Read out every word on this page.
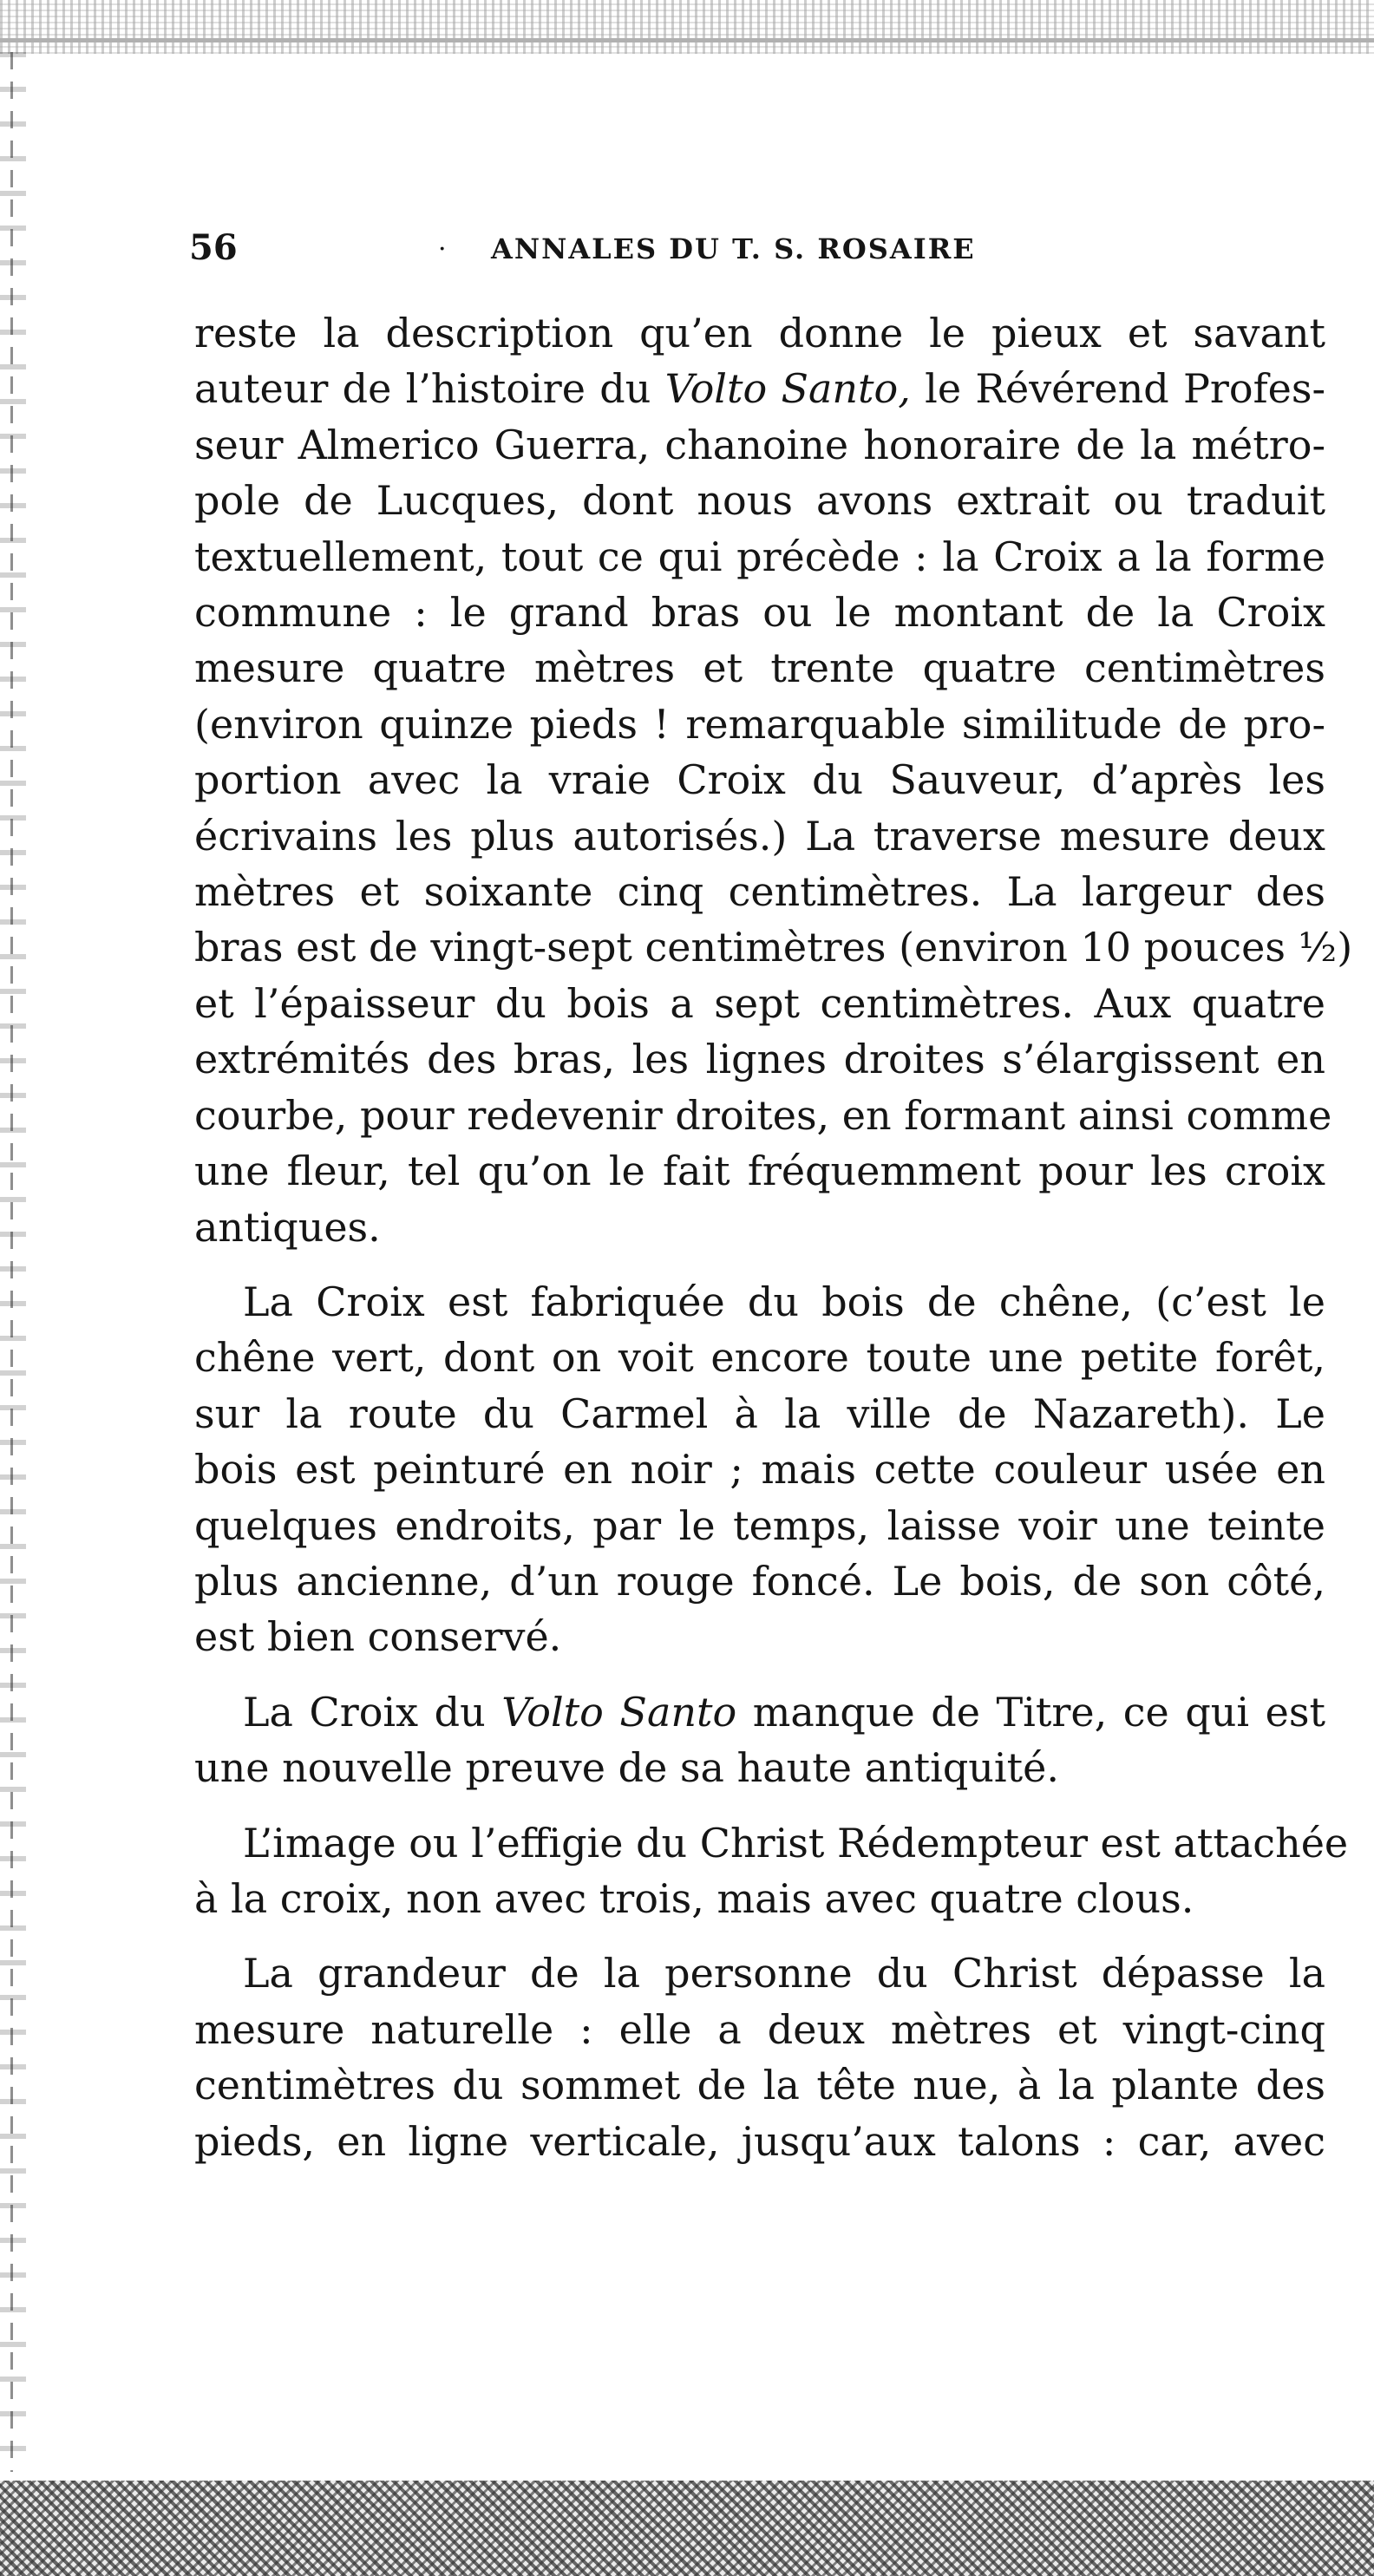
56	· ANNALES DU T. S. ROSAIRE
reste la description qu’en donne le pieux et savant
auteur de l’histoire du Volto Santo, le Révérend Profes-
seur Almerico Guerra, chanoine honoraire de la métro-
pole de Lucques, dont nous avons extrait ou traduit
textuellement, tout ce qui précède : la Croix a la forme
commune : le grand bras ou le montant de la Croix
mesure quatre mètres et trente quatre centimètres
(environ quinze pieds ! remarquable similitude de pro-
portion avec la vraie Croix du Sauveur, d’après les
écrivains les plus autorisés.) La traverse mesure deux
mètres et soixante cinq centimètres. La largeur des
bras est de vingt-sept centimètres (environ 10 pouces ½)
et l’épaisseur du bois a sept centimètres. Aux quatre
extrémités des bras, les lignes droites s’élargissent en
courbe, pour redevenir droites, en formant ainsi comme
une fleur, tel qu’on le fait fréquemment pour les croix
antiques.
La Croix est fabriquée du bois de chêne, (c’est le
chêne vert, dont on voit encore toute une petite forêt,
sur la route du Carmel à la ville de Nazareth). Le
bois est peinturé en noir ; mais cette couleur usée en
quelques endroits, par le temps, laisse voir une teinte
plus ancienne, d’un rouge foncé. Le bois, de son côté,
est bien conservé.
La Croix du Volto Santo manque de Titre, ce qui est
une nouvelle preuve de sa haute antiquité.
L’image ou l’effigie du Christ Rédempteur est attachée
à la croix, non avec trois, mais avec quatre clous.
La grandeur de la personne du Christ dépasse la
mesure naturelle : elle a deux mètres et vingt-cinq
centimètres du sommet de la tête nue, à la plante des
pieds, en ligne verticale, jusqu’aux talons : car, avec
